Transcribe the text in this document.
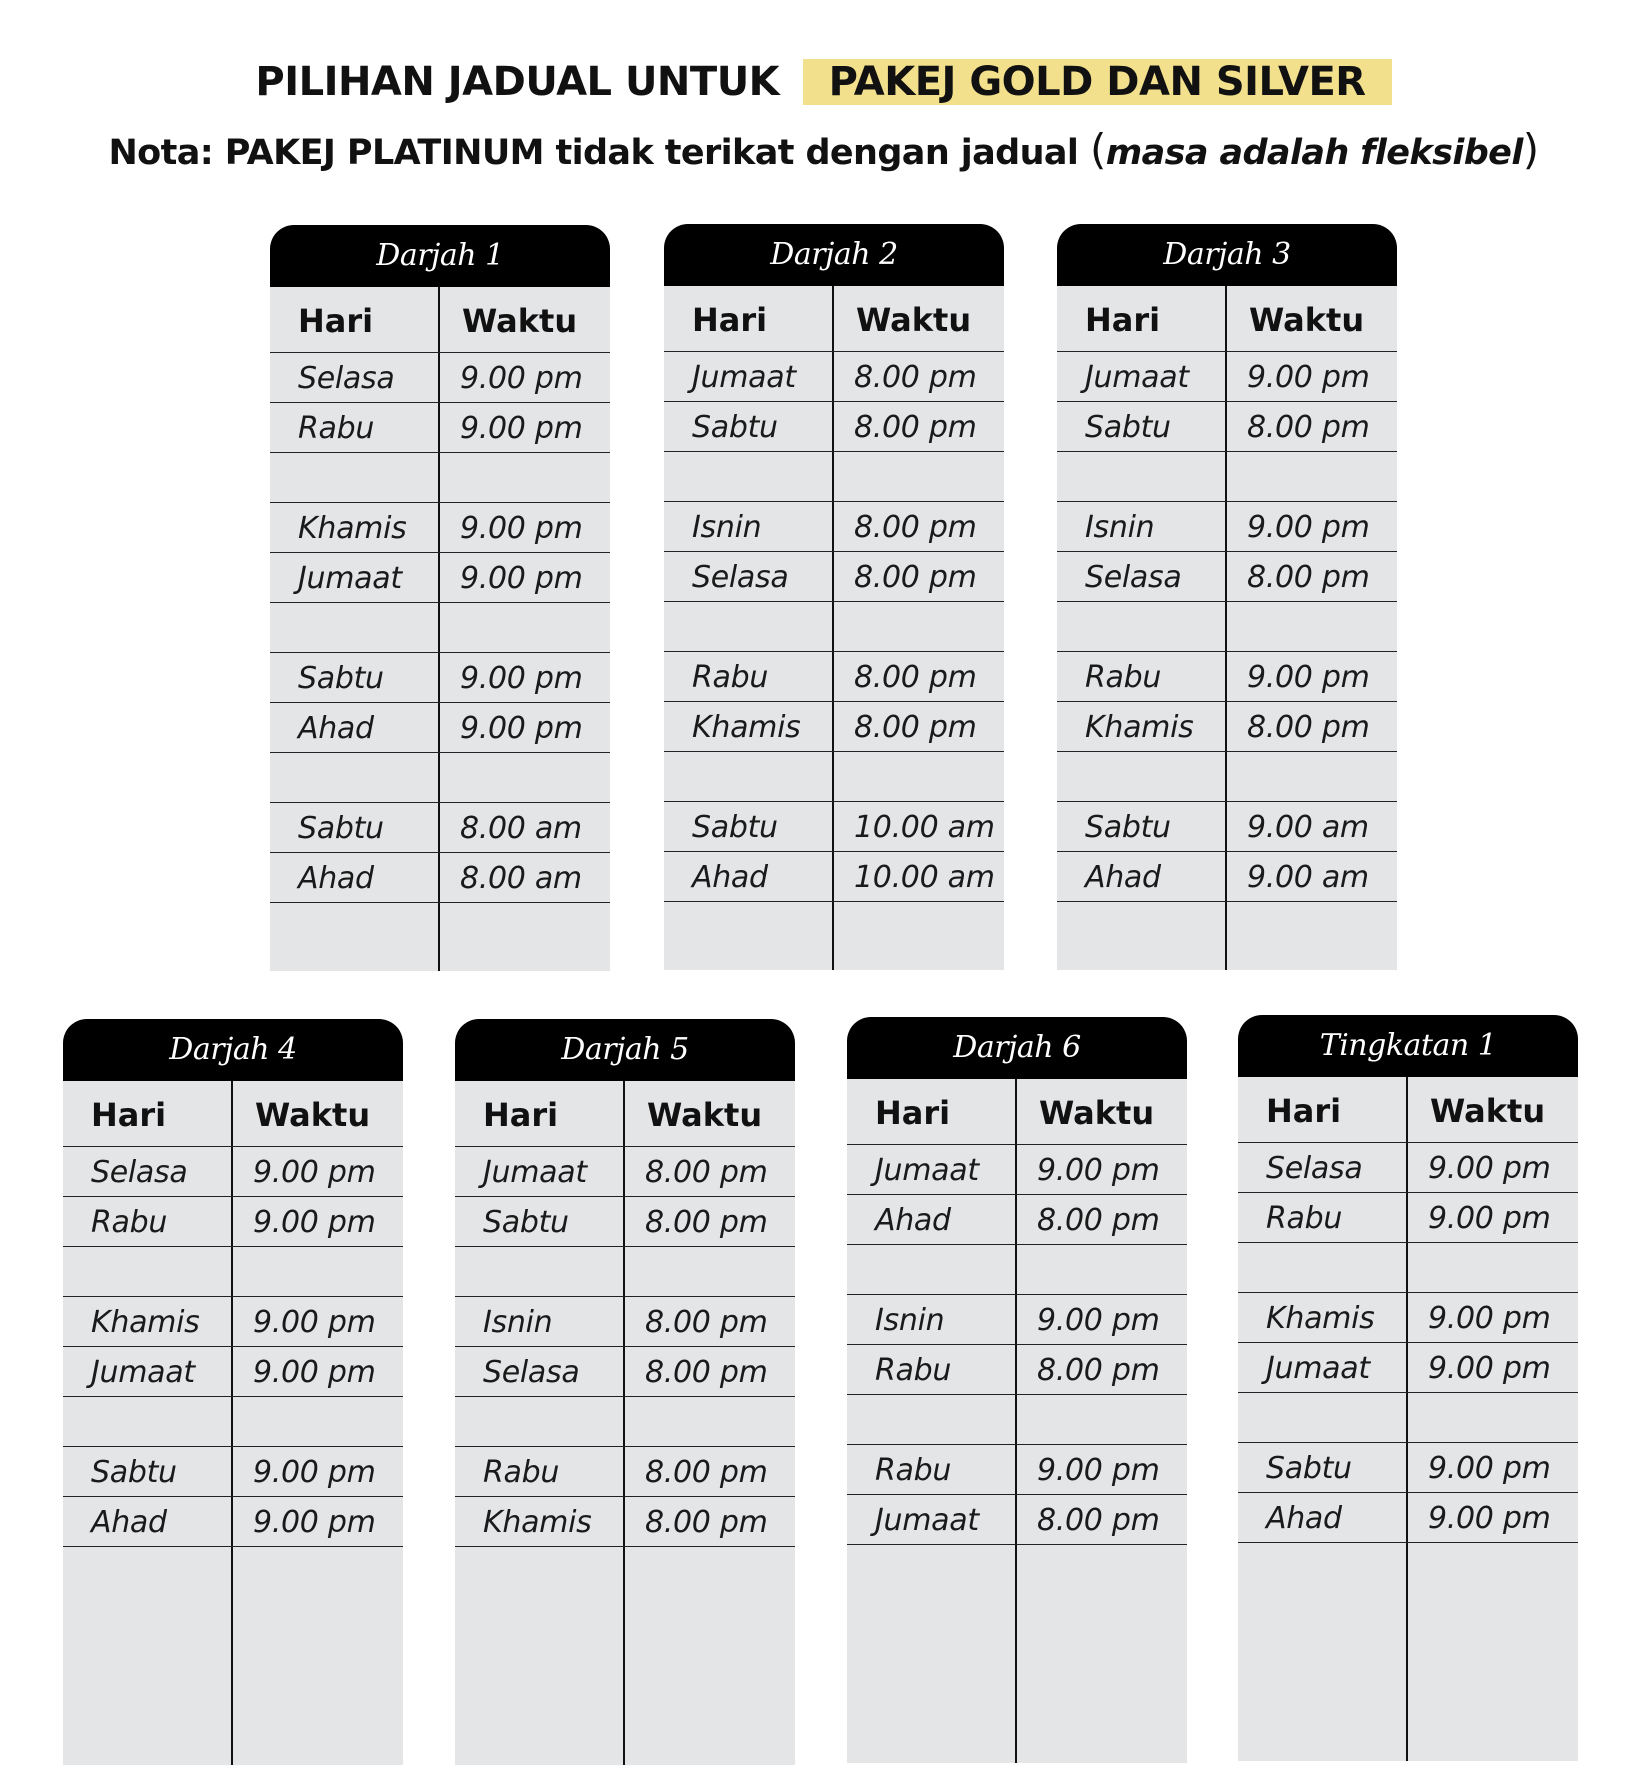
PILIHAN JADUAL UNTUK PAKEJ GOLD DAN SILVER
Nota: PAKEJ PLATINUM tidak terikat dengan jadual (masa adalah fleksibel)
Darjah 1
Hari	Waktu
Selasa 9.00 pm
Rabu	9.00 pm
Khamis 9.00 pm
Jumaat 9.00 pm
Sabtu	9.00 pm
Ahad	9.00 pm
Sabtu	8.00 am
Ahad	8.00 am
Darjah 2
Hari	Waktu
Jumaat 8.00 pm
Sabtu	8.00 pm
Isnin	8.00 pm
Selasa 8.00 pm
Rabu	8.00 pm
Khamis 8.00 pm
Sabtu	10.00 am
Ahad	10.00 am
Darjah 3
Hari	Waktu
Jumaat 9.00 pm
Sabtu	8.00 pm
Isnin	9.00 pm
Selasa 8.00 pm
Rabu	9.00 pm
Khamis 8.00 pm
Sabtu	9.00 am
Ahad	9.00 am
Darjah 4
Hari	Waktu
Selasa 9.00 pm
Rabu	9.00 pm
Khamis 9.00 pm
Jumaat 9.00 pm
Sabtu	9.00 pm
Ahad	9.00 pm
Darjah 5
Hari	Waktu
Jumaat 8.00 pm
Sabtu	8.00 pm
Isnin	8.00 pm
Selasa 8.00 pm
Rabu	8.00 pm
Khamis 8.00 pm
Darjah 6
Hari	Waktu
Jumaat 9.00 pm
Ahad	8.00 pm
Isnin	9.00 pm
Rabu	8.00 pm
Rabu	9.00 pm
Jumaat 8.00 pm
Tingkatan 1
Hari	Waktu
Selasa 9.00 pm
Rabu	9.00 pm
Khamis 9.00 pm
Jumaat 9.00 pm
Sabtu	9.00 pm
Ahad	9.00 pm
